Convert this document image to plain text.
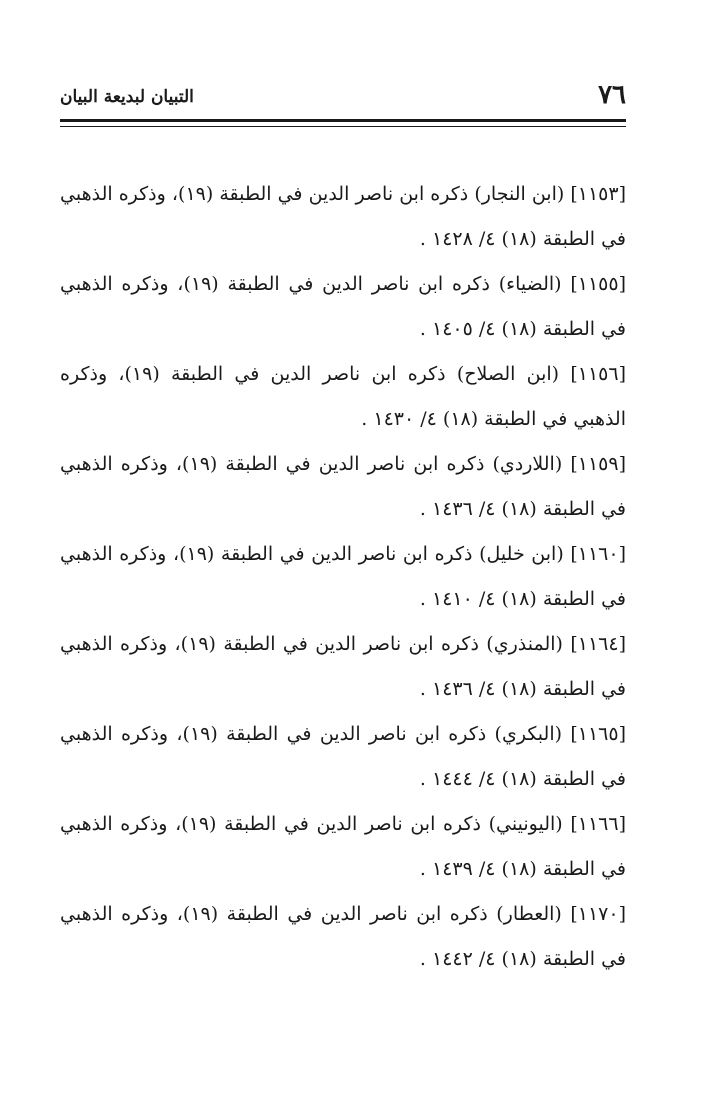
٧٦
التبيان لبديعة البيان

[١١٥٣] (ابن النجار) ذكره ابن ناصر الدين في الطبقة (١٩)، وذكره الذهبي في الطبقة (١٨) ٤/ ١٤٢٨ .

[١١٥٥] (الضياء) ذكره ابن ناصر الدين في الطبقة (١٩)، وذكره الذهبي في الطبقة (١٨) ٤/ ١٤٠٥ .

[١١٥٦] (ابن الصلاح) ذكره ابن ناصر الدين في الطبقة (١٩)، وذكره الذهبي في الطبقة (١٨) ٤/ ١٤٣٠ .

[١١٥٩] (اللاردي) ذكره ابن ناصر الدين في الطبقة (١٩)، وذكره الذهبي في الطبقة (١٨) ٤/ ١٤٣٦ .

[١١٦٠] (ابن خليل) ذكره ابن ناصر الدين في الطبقة (١٩)، وذكره الذهبي في الطبقة (١٨) ٤/ ١٤١٠ .

[١١٦٤] (المنذري) ذكره ابن ناصر الدين في الطبقة (١٩)، وذكره الذهبي في الطبقة (١٨) ٤/ ١٤٣٦ .

[١١٦٥] (البكري) ذكره ابن ناصر الدين في الطبقة (١٩)، وذكره الذهبي في الطبقة (١٨) ٤/ ١٤٤٤ .

[١١٦٦] (اليونيني) ذكره ابن ناصر الدين في الطبقة (١٩)، وذكره الذهبي في الطبقة (١٨) ٤/ ١٤٣٩ .

[١١٧٠] (العطار) ذكره ابن ناصر الدين في الطبقة (١٩)، وذكره الذهبي في الطبقة (١٨) ٤/ ١٤٤٢ .
